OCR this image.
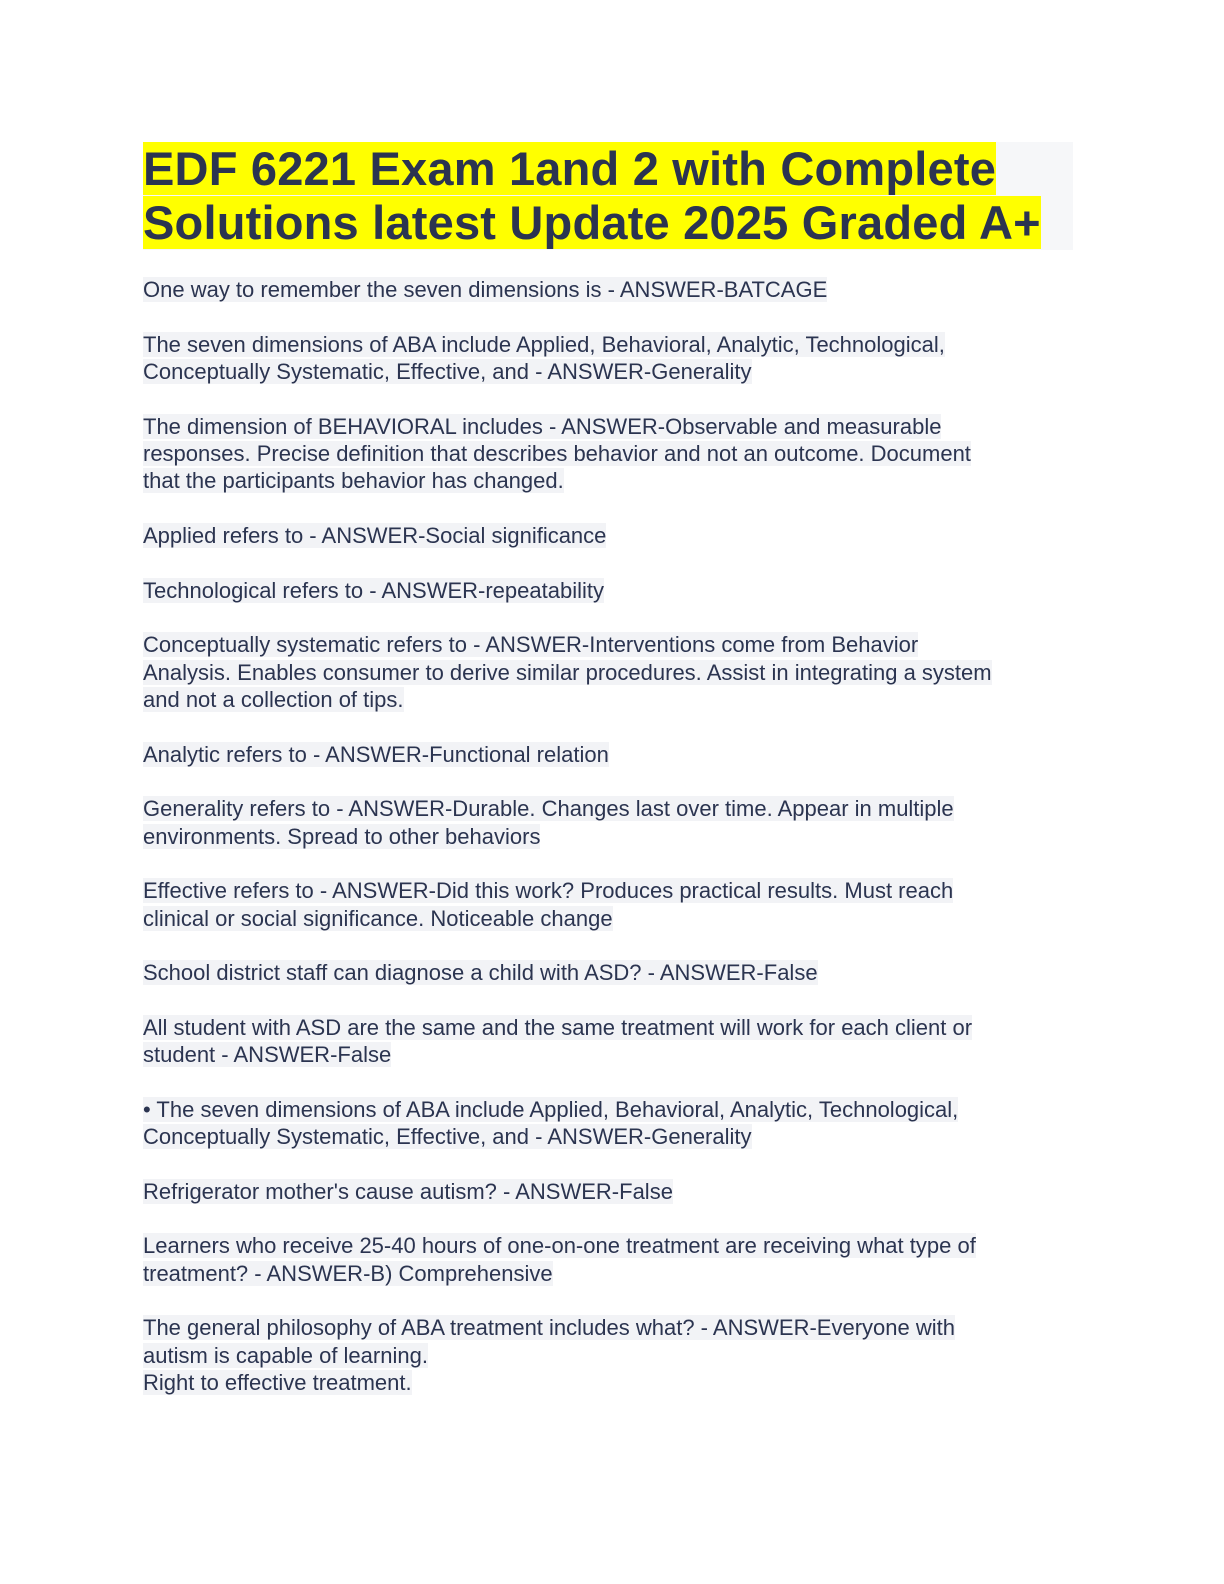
EDF 6221 Exam 1and 2 with Complete
Solutions latest Update 2025 Graded A+

One way to remember the seven dimensions is - ANSWER-BATCAGE

The seven dimensions of ABA include Applied, Behavioral, Analytic, Technological,
Conceptually Systematic, Effective, and - ANSWER-Generality

The dimension of BEHAVIORAL includes - ANSWER-Observable and measurable
responses. Precise definition that describes behavior and not an outcome. Document
that the participants behavior has changed.

Applied refers to - ANSWER-Social significance

Technological refers to - ANSWER-repeatability

Conceptually systematic refers to - ANSWER-Interventions come from Behavior
Analysis. Enables consumer to derive similar procedures. Assist in integrating a system
and not a collection of tips.

Analytic refers to - ANSWER-Functional relation

Generality refers to - ANSWER-Durable. Changes last over time. Appear in multiple
environments. Spread to other behaviors

Effective refers to - ANSWER-Did this work? Produces practical results. Must reach
clinical or social significance. Noticeable change

School district staff can diagnose a child with ASD? - ANSWER-False

All student with ASD are the same and the same treatment will work for each client or
student - ANSWER-False

• The seven dimensions of ABA include Applied, Behavioral, Analytic, Technological,
Conceptually Systematic, Effective, and - ANSWER-Generality

Refrigerator mother's cause autism? - ANSWER-False

Learners who receive 25-40 hours of one-on-one treatment are receiving what type of
treatment? - ANSWER-B) Comprehensive

The general philosophy of ABA treatment includes what? - ANSWER-Everyone with
autism is capable of learning.
Right to effective treatment.
